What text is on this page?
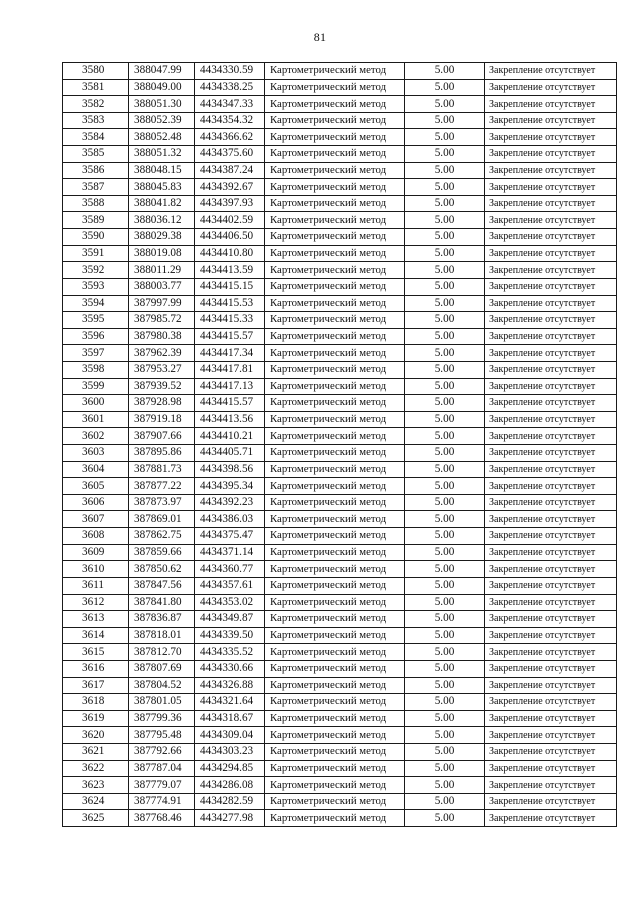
81
3580	388047.99	4434330.59	Картометрический метод	5.00	Закрепление отсутствует
3581	388049.00	4434338.25	Картометрический метод	5.00	Закрепление отсутствует
3582	388051.30	4434347.33	Картометрический метод	5.00	Закрепление отсутствует
3583	388052.39	4434354.32	Картометрический метод	5.00	Закрепление отсутствует
3584	388052.48	4434366.62	Картометрический метод	5.00	Закрепление отсутствует
3585	388051.32	4434375.60	Картометрический метод	5.00	Закрепление отсутствует
3586	388048.15	4434387.24	Картометрический метод	5.00	Закрепление отсутствует
3587	388045.83	4434392.67	Картометрический метод	5.00	Закрепление отсутствует
3588	388041.82	4434397.93	Картометрический метод	5.00	Закрепление отсутствует
3589	388036.12	4434402.59	Картометрический метод	5.00	Закрепление отсутствует
3590	388029.38	4434406.50	Картометрический метод	5.00	Закрепление отсутствует
3591	388019.08	4434410.80	Картометрический метод	5.00	Закрепление отсутствует
3592	388011.29	4434413.59	Картометрический метод	5.00	Закрепление отсутствует
3593	388003.77	4434415.15	Картометрический метод	5.00	Закрепление отсутствует
3594	387997.99	4434415.53	Картометрический метод	5.00	Закрепление отсутствует
3595	387985.72	4434415.33	Картометрический метод	5.00	Закрепление отсутствует
3596	387980.38	4434415.57	Картометрический метод	5.00	Закрепление отсутствует
3597	387962.39	4434417.34	Картометрический метод	5.00	Закрепление отсутствует
3598	387953.27	4434417.81	Картометрический метод	5.00	Закрепление отсутствует
3599	387939.52	4434417.13	Картометрический метод	5.00	Закрепление отсутствует
3600	387928.98	4434415.57	Картометрический метод	5.00	Закрепление отсутствует
3601	387919.18	4434413.56	Картометрический метод	5.00	Закрепление отсутствует
3602	387907.66	4434410.21	Картометрический метод	5.00	Закрепление отсутствует
3603	387895.86	4434405.71	Картометрический метод	5.00	Закрепление отсутствует
3604	387881.73	4434398.56	Картометрический метод	5.00	Закрепление отсутствует
3605	387877.22	4434395.34	Картометрический метод	5.00	Закрепление отсутствует
3606	387873.97	4434392.23	Картометрический метод	5.00	Закрепление отсутствует
3607	387869.01	4434386.03	Картометрический метод	5.00	Закрепление отсутствует
3608	387862.75	4434375.47	Картометрический метод	5.00	Закрепление отсутствует
3609	387859.66	4434371.14	Картометрический метод	5.00	Закрепление отсутствует
3610	387850.62	4434360.77	Картометрический метод	5.00	Закрепление отсутствует
3611	387847.56	4434357.61	Картометрический метод	5.00	Закрепление отсутствует
3612	387841.80	4434353.02	Картометрический метод	5.00	Закрепление отсутствует
3613	387836.87	4434349.87	Картометрический метод	5.00	Закрепление отсутствует
3614	387818.01	4434339.50	Картометрический метод	5.00	Закрепление отсутствует
3615	387812.70	4434335.52	Картометрический метод	5.00	Закрепление отсутствует
3616	387807.69	4434330.66	Картометрический метод	5.00	Закрепление отсутствует
3617	387804.52	4434326.88	Картометрический метод	5.00	Закрепление отсутствует
3618	387801.05	4434321.64	Картометрический метод	5.00	Закрепление отсутствует
3619	387799.36	4434318.67	Картометрический метод	5.00	Закрепление отсутствует
3620	387795.48	4434309.04	Картометрический метод	5.00	Закрепление отсутствует
3621	387792.66	4434303.23	Картометрический метод	5.00	Закрепление отсутствует
3622	387787.04	4434294.85	Картометрический метод	5.00	Закрепление отсутствует
3623	387779.07	4434286.08	Картометрический метод	5.00	Закрепление отсутствует
3624	387774.91	4434282.59	Картометрический метод	5.00	Закрепление отсутствует
3625	387768.46	4434277.98	Картометрический метод	5.00	Закрепление отсутствует
